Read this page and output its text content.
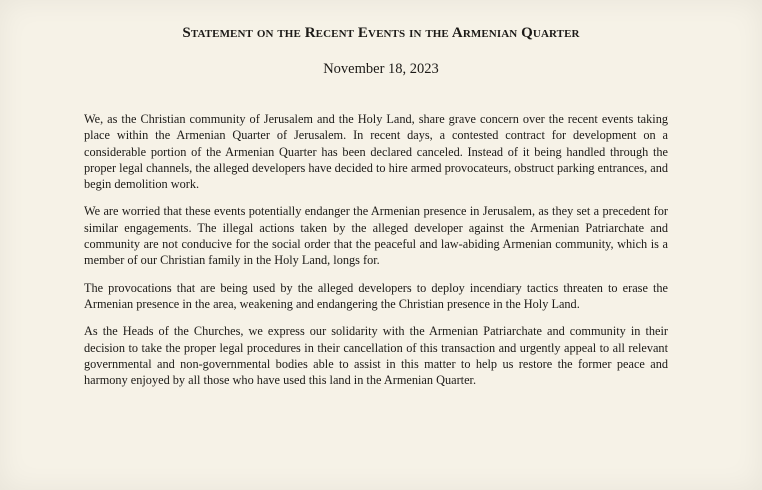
Statement on the Recent Events in the Armenian Quarter
November 18, 2023

We, as the Christian community of Jerusalem and the Holy Land, share grave concern over the recent events taking place within the Armenian Quarter of Jerusalem. In recent days, a contested contract for development on a considerable portion of the Armenian Quarter has been declared canceled. Instead of it being handled through the proper legal channels, the alleged developers have decided to hire armed provocateurs, obstruct parking entrances, and begin demolition work.

We are worried that these events potentially endanger the Armenian presence in Jerusalem, as they set a precedent for similar engagements. The illegal actions taken by the alleged developer against the Armenian Patriarchate and community are not conducive for the social order that the peaceful and law-abiding Armenian community, which is a member of our Christian family in the Holy Land, longs for.

The provocations that are being used by the alleged developers to deploy incendiary tactics threaten to erase the Armenian presence in the area, weakening and endangering the Christian presence in the Holy Land.

As the Heads of the Churches, we express our solidarity with the Armenian Patriarchate and community in their decision to take the proper legal procedures in their cancellation of this transaction and urgently appeal to all relevant governmental and non-governmental bodies able to assist in this matter to help us restore the former peace and harmony enjoyed by all those who have used this land in the Armenian Quarter.
